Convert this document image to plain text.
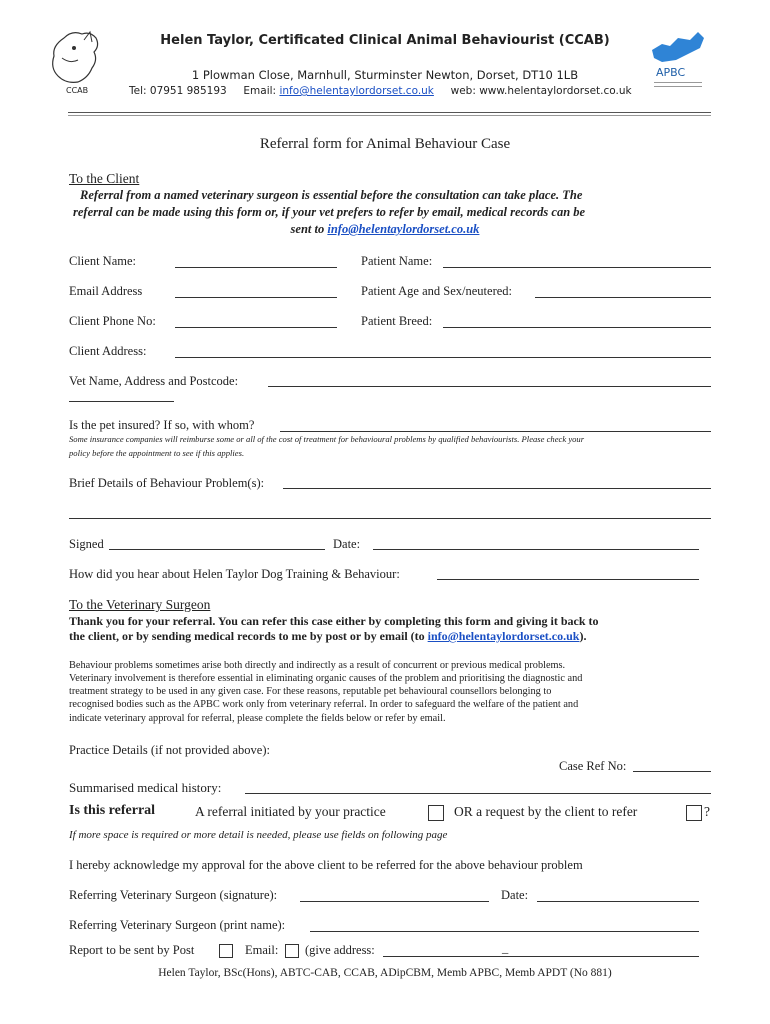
CCAB
APBC
Helen Taylor, Certificated Clinical Animal Behaviourist (CCAB)
1 Plowman Close, Marnhull, Sturminster Newton, Dorset, DT10 1LB
Tel: 07951 985193 Email: info@helentaylordorset.co.uk web: www.helentaylordorset.co.uk
Referral form for Animal Behaviour Case
To the Client
Referral from a named veterinary surgeon is essential before the consultation can take place. The
referral can be made using this form or, if your vet prefers to refer by email, medical records can be
sent to info@helentaylordorset.co.uk
Client Name:	Patient Name:
Email Address	Patient Age and Sex/neutered:
Client Phone No:	Patient Breed:
Client Address:
Vet Name, Address and Postcode:
Is the pet insured? If so, with whom?
Some insurance companies will reimburse some or all of the cost of treatment for behavioural problems by qualified behaviourists. Please check your
policy before the appointment to see if this applies.
Brief Details of Behaviour Problem(s):
Signed	Date:
How did you hear about Helen Taylor Dog Training & Behaviour:
To the Veterinary Surgeon
Thank you for your referral. You can refer this case either by completing this form and giving it back to
the client, or by sending medical records to me by post or by email (to info@helentaylordorset.co.uk).
Behaviour problems sometimes arise both directly and indirectly as a result of concurrent or previous medical problems.
Veterinary involvement is therefore essential in eliminating organic causes of the problem and prioritising the diagnostic and
treatment strategy to be used in any given case. For these reasons, reputable pet behavioural counsellors belonging to
recognised bodies such as the APBC work only from veterinary referral. In order to safeguard the welfare of the patient and
indicate veterinary approval for referral, please complete the fields below or refer by email.
Practice Details (if not provided above):
Case Ref No:
Summarised medical history:
Is this referral	A referral initiated by your practice	OR a request by the client to refer	?
If more space is required or more detail is needed, please use fields on following page
I hereby acknowledge my approval for the above client to be referred for the above behaviour problem
Referring Veterinary Surgeon (signature):	Date:
Referring Veterinary Surgeon (print name):
Report to be sent by Post	Email: (give address:	_
Helen Taylor, BSc(Hons), ABTC-CAB, CCAB, ADipCBM, Memb APBC, Memb APDT (No 881)
